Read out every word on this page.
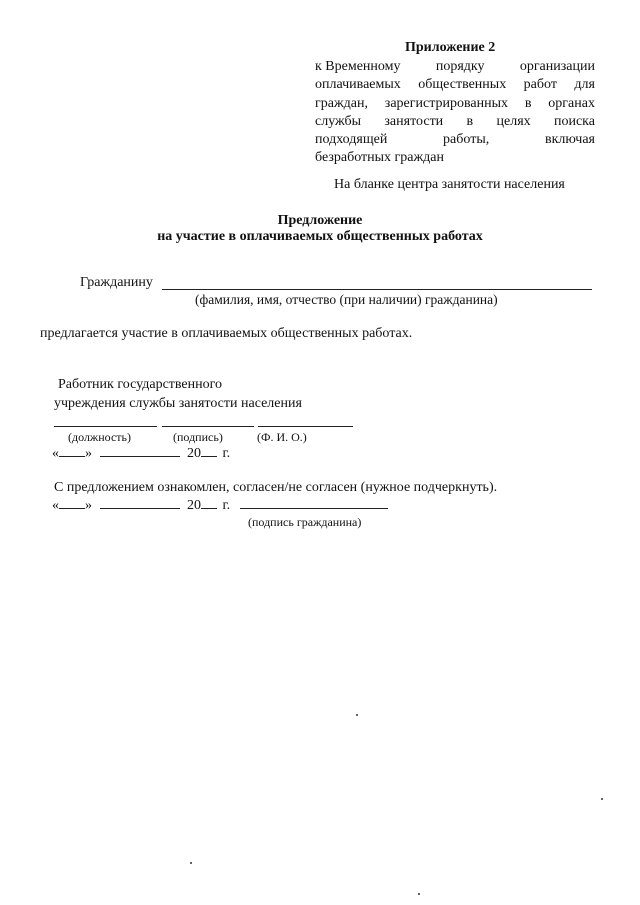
Приложение 2
к Временному	порядку	организации
оплачиваемых общественных работ для
граждан, зарегистрированных в органах
службы занятости в целях поиска
подходящей	работы,	включая
безработных граждан
На бланке центра занятости населения
Предложение
на участие в оплачиваемых общественных работах
Гражданину
(фамилия, имя, отчество (при наличии) гражданина)
предлагается участие в оплачиваемых общественных работах.
Работник государственного
учреждения службы занятости населения
(должность)	(подпись)	(Ф. И. О.)
« »	20 г.
С предложением ознакомлен, согласен/не согласен (нужное подчеркнуть).
« »	20 г.
(подпись гражданина)
